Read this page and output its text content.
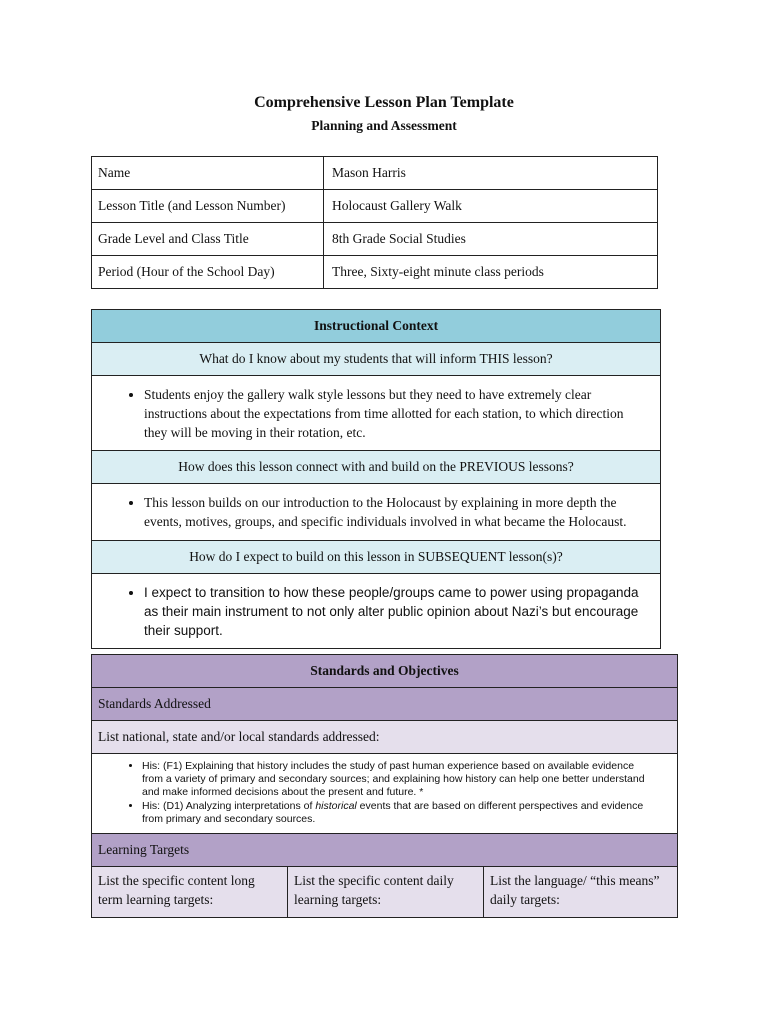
Comprehensive Lesson Plan Template
Planning and Assessment
Name	Mason Harris
Lesson Title (and Lesson Number)	Holocaust Gallery Walk
Grade Level and Class Title	8th Grade Social Studies
Period (Hour of the School Day)	Three, Sixty-eight minute class periods
Instructional Context
What do I know about my students that will inform THIS lesson?

• Students enjoy the gallery walk style lessons but they need to have extremely clear instructions about the expectations from time allotted for each station, to which direction they will be moving in their rotation, etc.

How does this lesson connect with and build on the PREVIOUS lessons?

• This lesson builds on our introduction to the Holocaust by explaining in more depth the events, motives, groups, and specific individuals involved in what became the Holocaust.

How do I expect to build on this lesson in SUBSEQUENT lesson(s)?

• I expect to transition to how these people/groups came to power using propaganda as their main instrument to not only alter public opinion about Nazi’s but encourage their support.
Standards and Objectives
Standards Addressed
List national, state and/or local standards addressed:

• His: (F1) Explaining that history includes the study of past human experience based on available evidence from a variety of primary and secondary sources; and explaining how history can help one better understand and make informed decisions about the present and future. *
• His: (D1) Analyzing interpretations of historical events that are based on different perspectives and evidence from primary and secondary sources.

Learning Targets
List the specific content long term learning targets:	List the specific content daily learning targets:	List the language/ “this means” daily targets:
